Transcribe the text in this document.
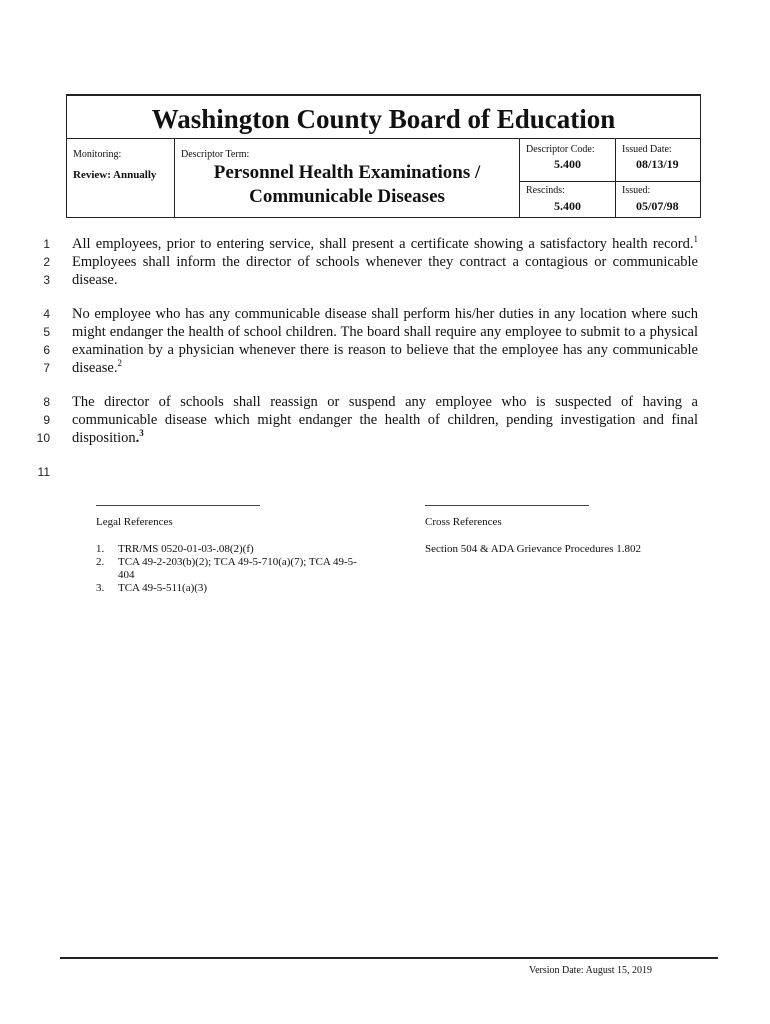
Washington County Board of Education
Monitoring:
Review: Annually
Descriptor Term:
Personnel Health Examinations /
Communicable Diseases
Descriptor Code:
5.400
Rescinds:
5.400
Issued Date:
08/13/19
Issued:
05/07/98
1
2
3
4
5
6
7
8
9
10
11

All employees, prior to entering service, shall present a certificate showing a satisfactory health record.$^1$ Employees shall inform the director of schools whenever they contract a contagious or communicable disease.

No employee who has any communicable disease shall perform his/her duties in any location where such might endanger the health of school children. The board shall require any employee to submit to a physical examination by a physician whenever there is reason to believe that the employee has any communicable disease.$^2$

The director of schools shall reassign or suspend any employee who is suspected of having a communicable disease which might endanger the health of children, pending investigation and final disposition.$^3$

Legal References	Cross References
1. TRR/MS 0520-01-03-.08(2)(f)
2. TCA 49-2-203(b)(2); TCA 49-5-710(a)(7); TCA 49-5-404
3. TCA 49-5-511(a)(3)
Section 504 & ADA Grievance Procedures 1.802
Version Date: August 15, 2019
